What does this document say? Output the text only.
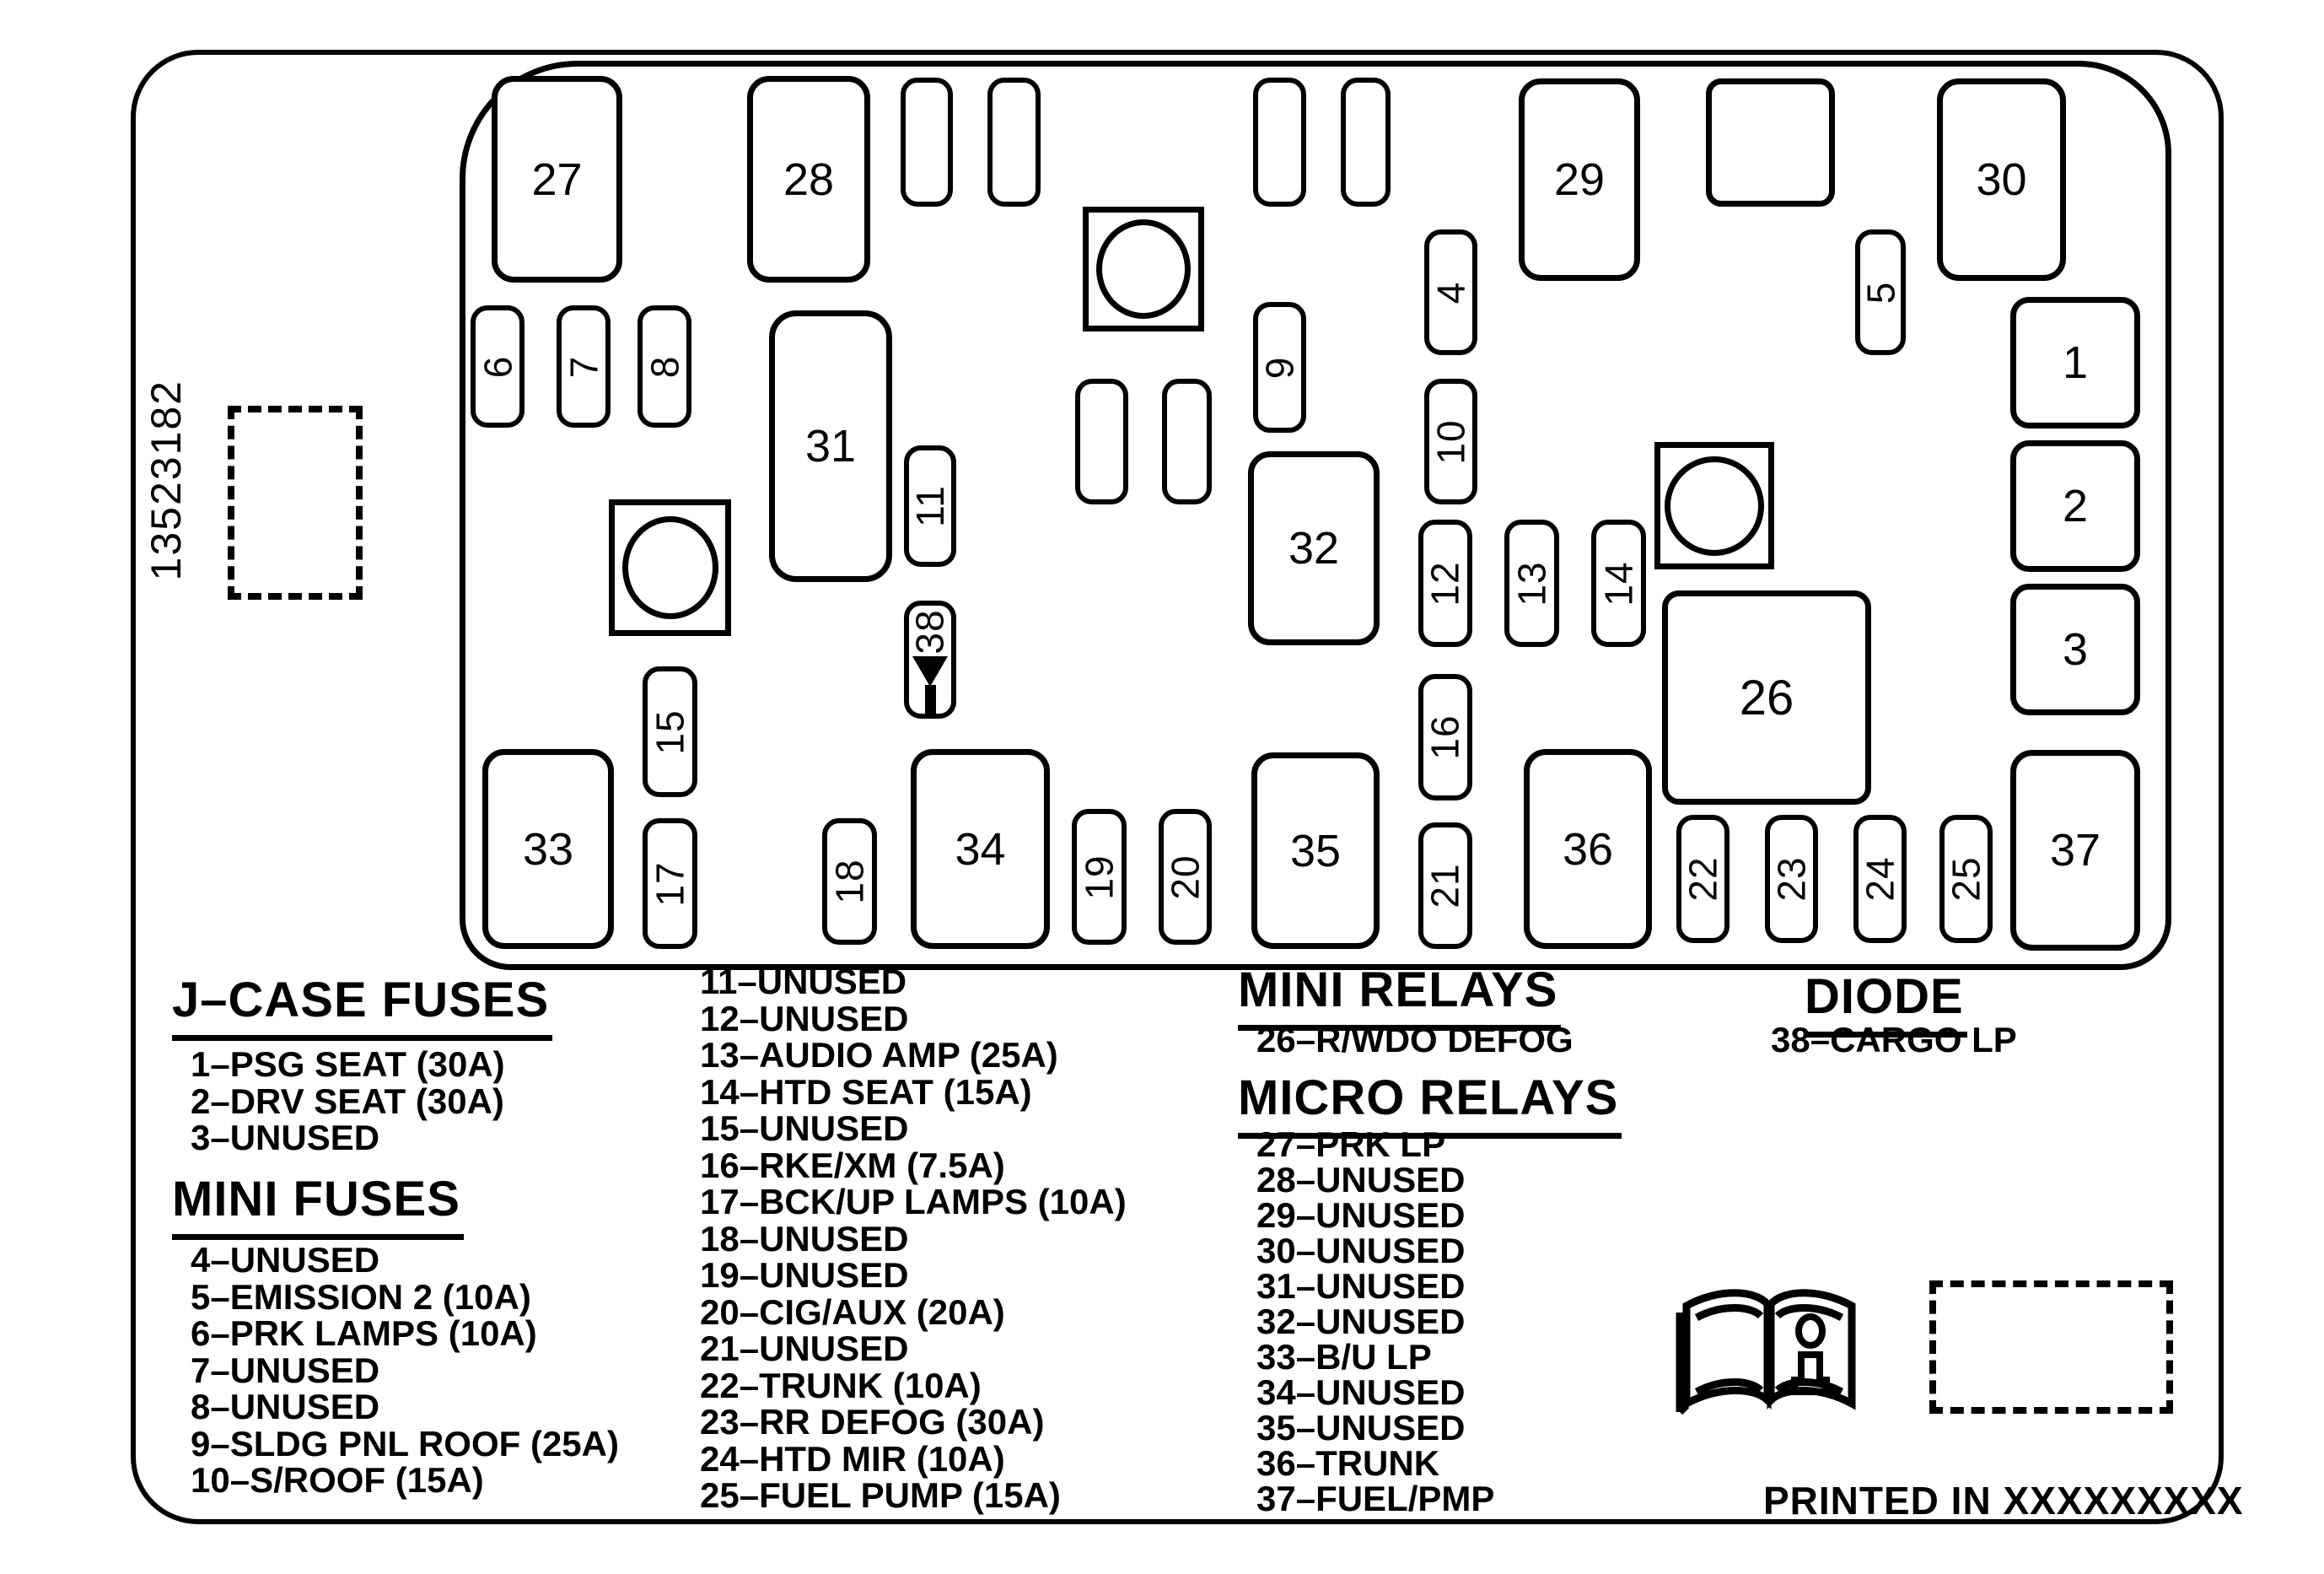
13523182
27	28	29	30
6 7 8
31
9
4
10
5
1
2
3
11
38
32
12 13 14
26
16
33
15
17	18
34
19 20
35
21
36
22 23 24 25
37
J–CASE FUSES
1–PSG SEAT (30A)
2–DRV SEAT (30A)
3–UNUSED
MINI FUSES
4–UNUSED
5–EMISSION 2 (10A)
6–PRK LAMPS (10A)
7–UNUSED
8–UNUSED
9–SLDG PNL ROOF (25A)
10–S/ROOF (15A)
11–UNUSED
12–UNUSED
13–AUDIO AMP (25A)
14–HTD SEAT (15A)
15–UNUSED
16–RKE/XM (7.5A)
17–BCK/UP LAMPS (10A)
18–UNUSED
19–UNUSED
20–CIG/AUX (20A)
21–UNUSED
22–TRUNK (10A)
23–RR DEFOG (30A)
24–HTD MIR (10A)
25–FUEL PUMP (15A)
MINI RELAYS
26–R/WDO DEFOG
MICRO RELAYS
27–PRK LP
28–UNUSED
29–UNUSED
30–UNUSED
31–UNUSED
32–UNUSED
33–B/U LP
34–UNUSED
35–UNUSED
36–TRUNK
37–FUEL/PMP
DIODE
38–CARGO LP
PRINTED IN XXXXXXXXX
